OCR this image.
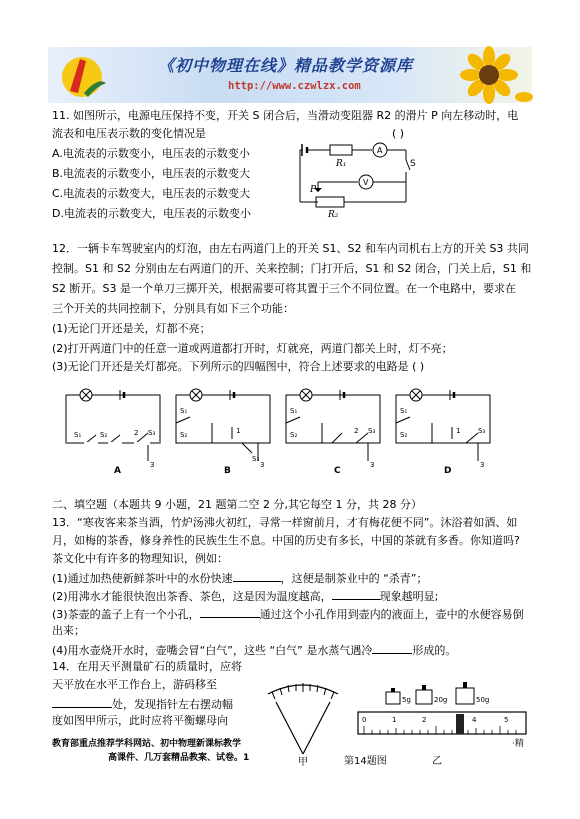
《初中物理在线》精品教学资源库
http://www.czwlzx.com
11. 如图所示，电源电压保持不变，开关 S 闭合后，当滑动变阻器 R2 的滑片 P 向左移动时，电
流表和电压表示数的变化情况是	( )
A.电流表的示数变小，电压表的示数变小
B.电流表的示数变小，电压表的示数变大
C.电流表的示数变大，电压表的示数变大
D.电流表的示数变大，电压表的示数变小
R₁
A
V
S
P
R₂
12．一辆卡车驾驶室内的灯泡，由左右两道门上的开关 S1、S2 和车内司机右上方的开关 S3 共同
控制。S1 和 S2 分别由左右两道门的开、关来控制；门打开后，S1 和 S2 闭合，门关上后，S1 和
S2 断开。S3 是一个单刀三掷开关，根据需要可将其置于三个不同位置。在一个电路中，要求在
三个开关的共同控制下，分别具有如下三个功能：
(1)无论门开还是关，灯都不亮；
(2)打开两道门中的任意一道或两道都打开时，灯就亮，两道门都关上时，灯不亮；
(3)无论门开还是关灯都亮。下列所示的四幅图中，符合上述要求的电路是 ( )
A
S₁	S₂	S₃
2
3
B
S₁
S₂
S₃
1
3
C
S₁
S₂	S₃
2
3
D
S₁
S₂	S₃
1
3
二、填空题（本题共 9 小题，21 题第二空 2 分,其它每空 1 分，共 28 分）
13．“寒夜客来茶当酒，竹炉汤沸火初红，寻常一样窗前月，才有梅花便不同”。沐浴着如酒、如
月，如梅的茶香，修身养性的民族生生不息。中国的历史有多长，中国的茶就有多香。你知道吗?
茶文化中有许多的物理知识，例如：
(1)通过加热使新鲜茶叶中的水份快速	，这便是制茶业中的 “杀青”；
(2)用沸水才能很快泡出茶香、茶色，这是因为温度越高，	现象越明显;
(3)茶壶的盖子上有一个小孔，	通过这个小孔作用到壶内的液面上，壶中的水便容易倒
出来；
(4)用水壶烧开水时，壶嘴会冒“白气”，这些 “白气” 是水蒸气遇冷	形成的。
14．在用天平测量矿石的质量时，应将
天平放在水平工作台上，游码移至
处，发现指针左右摆动幅
度如图甲所示，此时应将平衡螺母向
甲
5g	20g	50g
0	1	2	4	5
第14题图	乙
教育部重点推荐学科网站、初中物理新课标教学
高课件、几万套精品教案、试卷。1
·精
